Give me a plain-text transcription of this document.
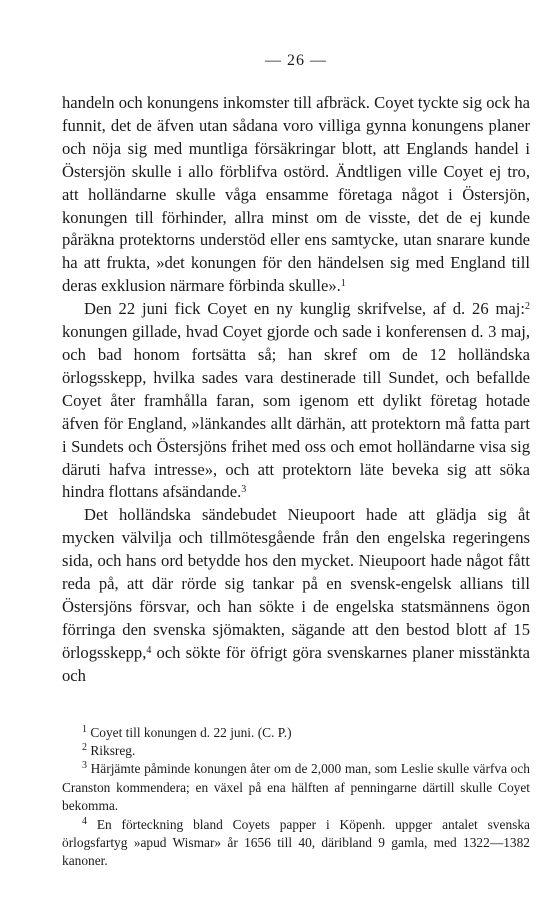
— 26 —

handeln och konungens inkomster till afbräck. Coyet tyckte sig ock ha funnit, det de äfven utan sådana voro villiga gynna konungens planer och nöja sig med muntliga försäkringar blott, att Englands handel i Östersjön skulle i allo förblifva ostörd. Ändtligen ville Coyet ej tro, att holländarne skulle våga ensamme företaga något i Östersjön, konungen till förhinder, allra minst om de visste, det de ej kunde påräkna protektorns understöd eller ens samtycke, utan snarare kunde ha att frukta, »det konungen för den händelsen sig med England till deras exklusion närmare förbinda skulle».$^1$

Den 22 juni fick Coyet en ny kunglig skrifvelse, af d. 26 maj:$^2$ konungen gillade, hvad Coyet gjorde och sade i konferensen d. 3 maj, och bad honom fortsätta så; han skref om de 12 holländska örlogsskepp, hvilka sades vara destinerade till Sundet, och befallde Coyet åter framhålla faran, som igenom ett dylikt företag hotade äfven för England, »länkandes allt därhän, att protektorn må fatta part i Sundets och Östersjöns frihet med oss och emot holländarne visa sig däruti hafva intresse», och att protektorn läte beveka sig att söka hindra flottans afsändande.$^3$

Det holländska sändebudet Nieupoort hade att glädja sig åt mycken välvilja och tillmötesgående från den engelska regeringens sida, och hans ord betydde hos den mycket. Nieupoort hade något fått reda på, att där rörde sig tankar på en svensk-engelsk allians till Östersjöns försvar, och han sökte i de engelska statsmännens ögon förringa den svenska sjömakten, sägande att den bestod blott af 15 örlogsskepp,$^4$ och sökte för öfrigt göra svenskarnes planer misstänkta och

$^1$ Coyet till konungen d. 22 juni. (C. P.)

$^2$ Riksreg.

$^3$ Härjämte påminde konungen åter om de 2,000 man, som Leslie skulle värfva och Cranston kommendera; en växel på ena hälften af penningarne därtill skulle Coyet bekomma.

$^4$ En förteckning bland Coyets papper i Köpenh. uppger antalet svenska örlogsfartyg »apud Wismar» år 1656 till 40, däribland 9 gamla, med 1322—1382 kanoner.
